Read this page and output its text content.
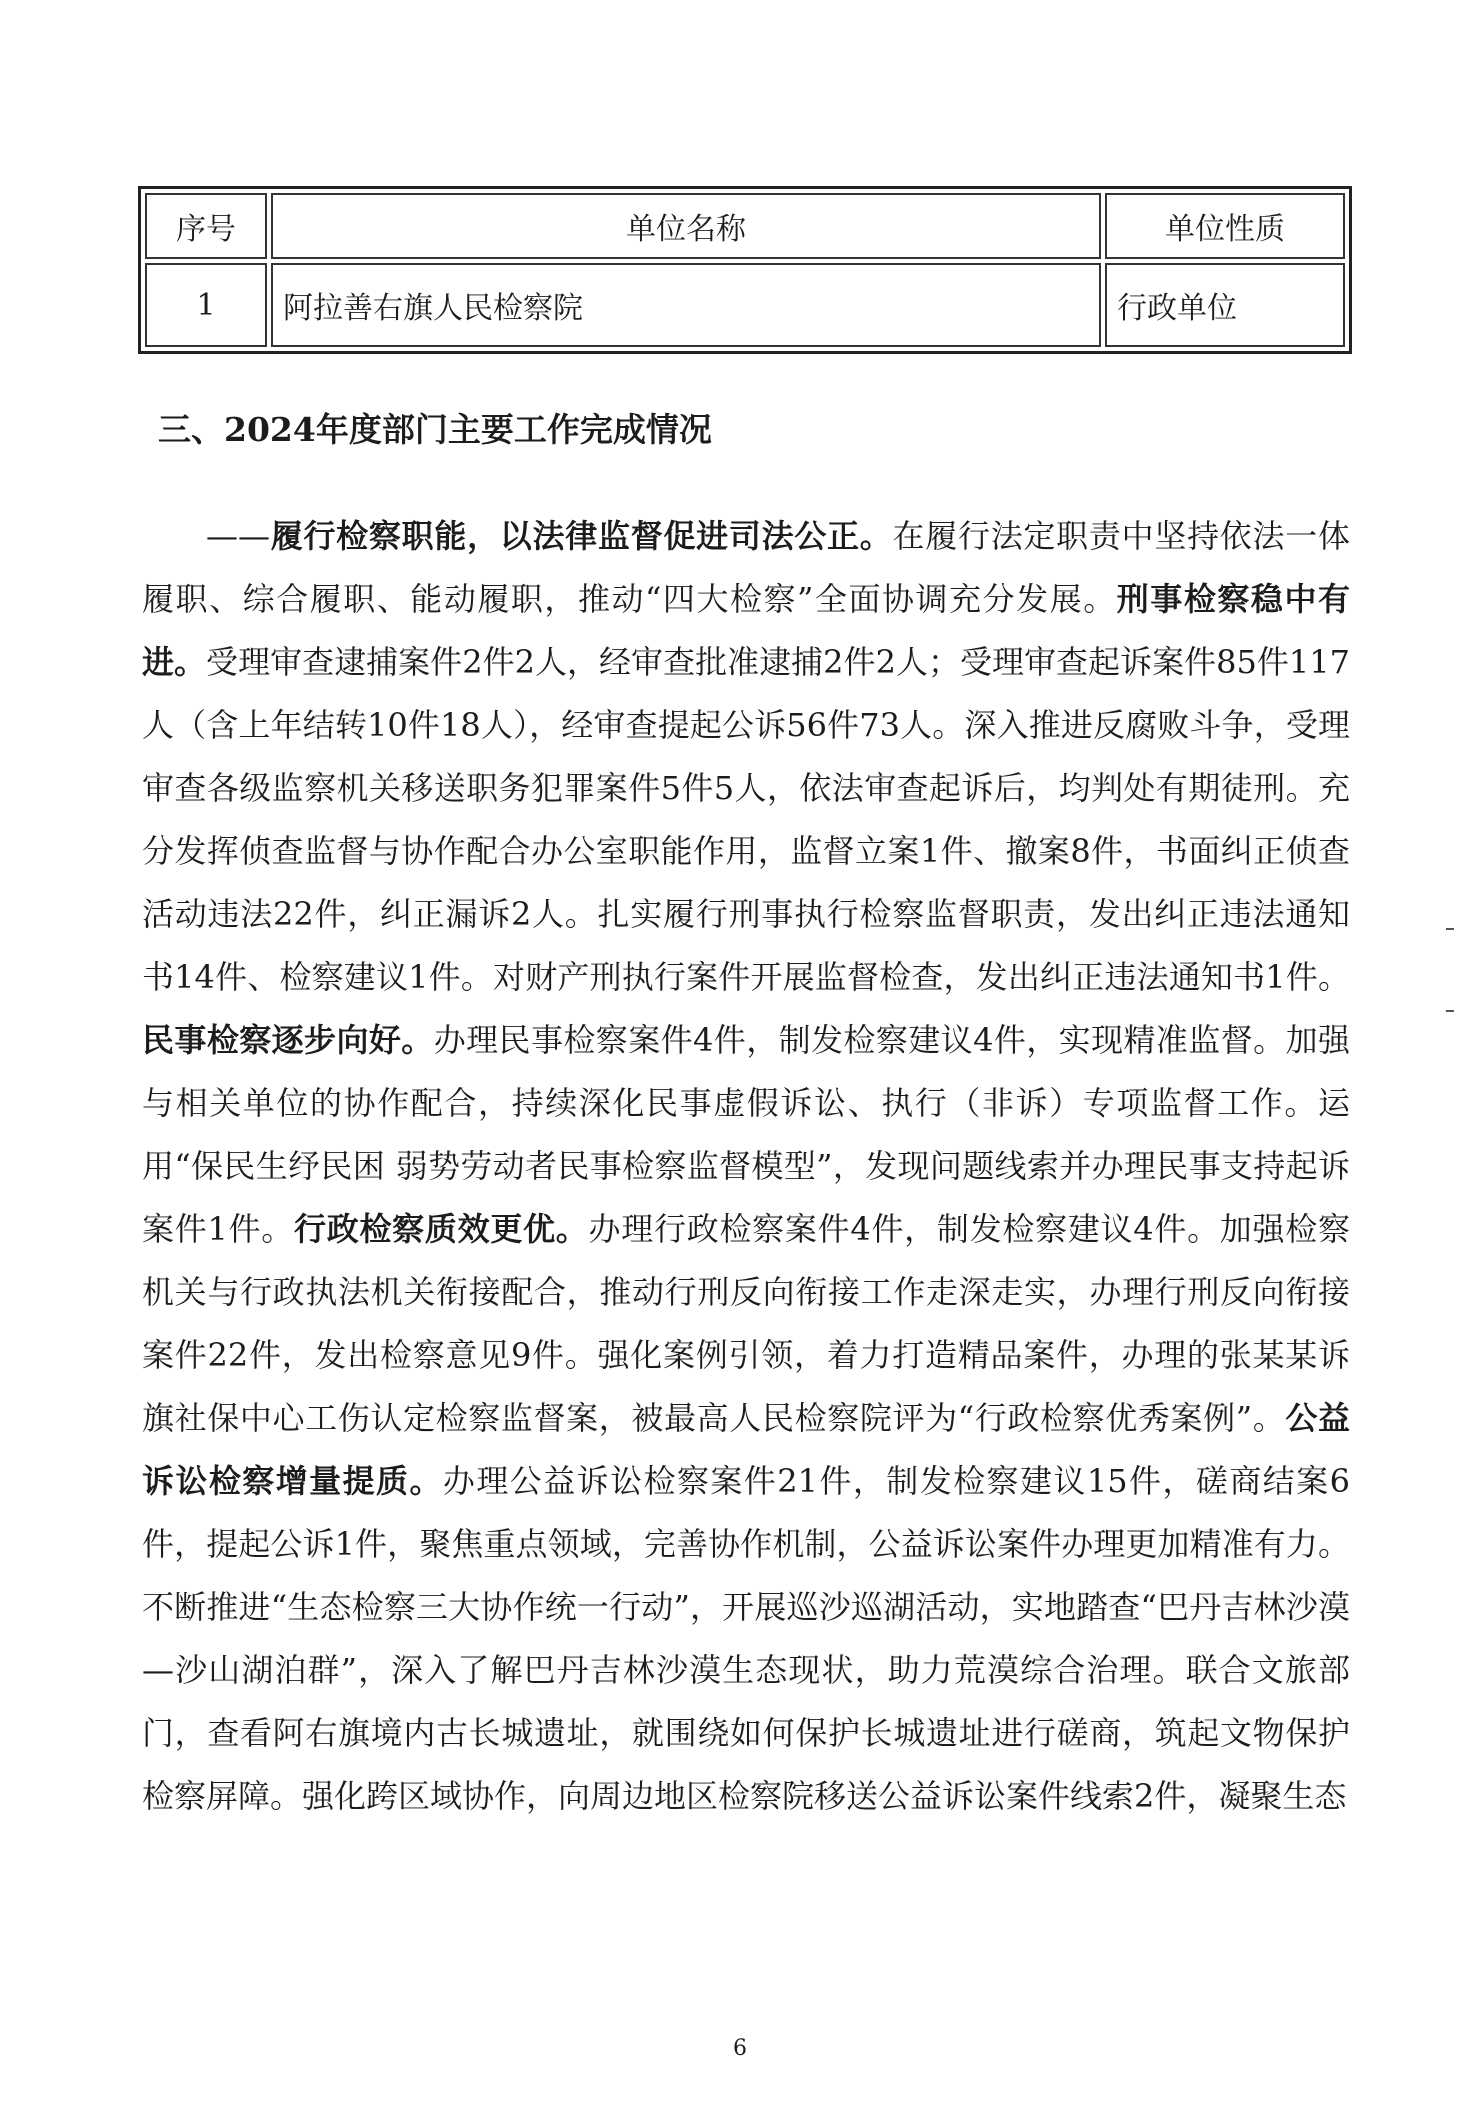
序号	单位名称	单位性质
1	阿拉善右旗人民检察院	行政单位
三、2024年度部门主要工作完成情况

——履行检察职能，以法律监督促进司法公正。在履行法定职责中坚持依法一体履职、综合履职、能动履职，推动“四大检察”全面协调充分发展。刑事检察稳中有进。受理审查逮捕案件2件2人，经审查批准逮捕2件2人；受理审查起诉案件85件117人（含上年结转10件18人），经审查提起公诉56件73人。深入推进反腐败斗争，受理审查各级监察机关移送职务犯罪案件5件5人，依法审查起诉后，均判处有期徒刑。充分发挥侦查监督与协作配合办公室职能作用，监督立案1件、撤案8件，书面纠正侦查活动违法22件，纠正漏诉2人。扎实履行刑事执行检察监督职责，发出纠正违法通知书14件、检察建议1件。对财产刑执行案件开展监督检查，发出纠正违法通知书1件。民事检察逐步向好。办理民事检察案件4件，制发检察建议4件，实现精准监督。加强与相关单位的协作配合，持续深化民事虚假诉讼、执行（非诉）专项监督工作。运用“保民生纾民困 弱势劳动者民事检察监督模型”，发现问题线索并办理民事支持起诉案件1件。行政检察质效更优。办理行政检察案件4件，制发检察建议4件。加强检察机关与行政执法机关衔接配合，推动行刑反向衔接工作走深走实，办理行刑反向衔接案件22件，发出检察意见9件。强化案例引领，着力打造精品案件，办理的张某某诉旗社保中心工伤认定检察监督案，被最高人民检察院评为“行政检察优秀案例”。公益诉讼检察增量提质。办理公益诉讼检察案件21件，制发检察建议15件，磋商结案6件，提起公诉1件，聚焦重点领域，完善协作机制，公益诉讼案件办理更加精准有力。不断推进“生态检察三大协作统一行动”，开展巡沙巡湖活动，实地踏查“巴丹吉林沙漠—沙山湖泊群”，深入了解巴丹吉林沙漠生态现状，助力荒漠综合治理。联合文旅部门，查看阿右旗境内古长城遗址，就围绕如何保护长城遗址进行磋商，筑起文物保护检察屏障。强化跨区域协作，向周边地区检察院移送公益诉讼案件线索2件，凝聚生态

6
